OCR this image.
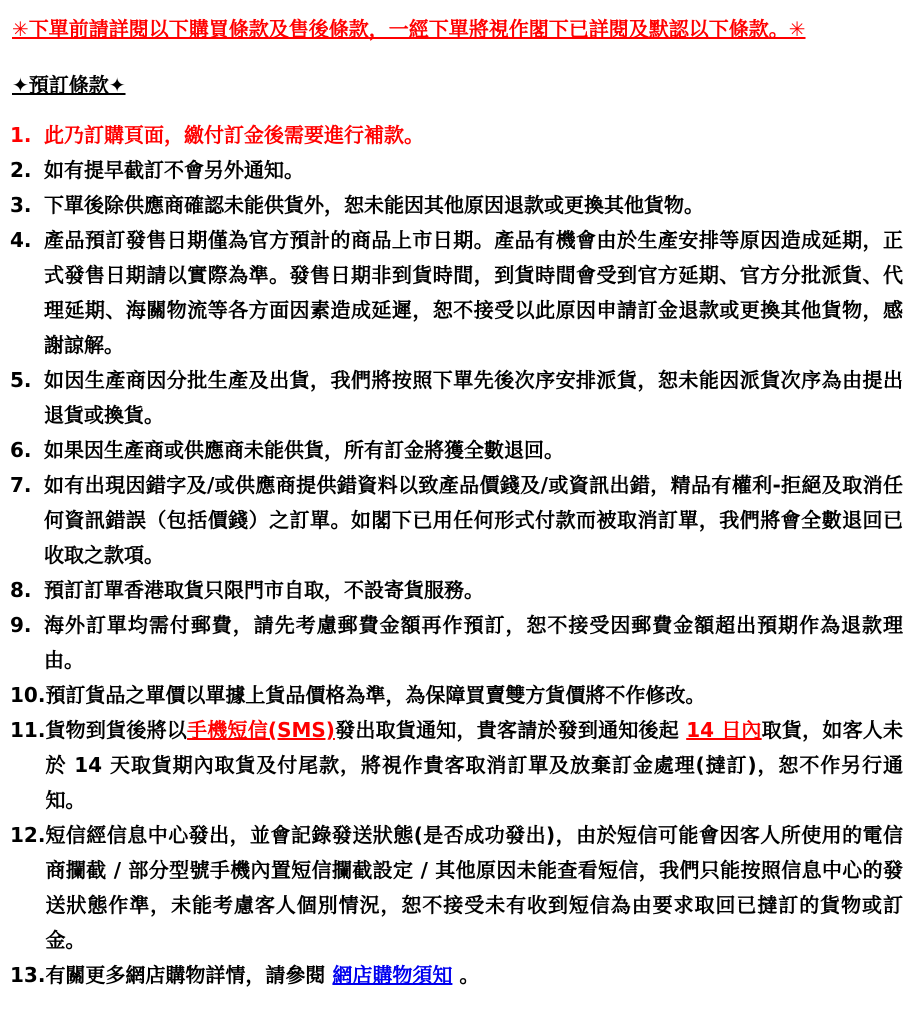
✳下單前請詳閱以下購買條款及售後條款，一經下單將視作閣下已詳閱及默認以下條款。✳
✦預訂條款✦
1. 此乃訂購頁面，繳付訂金後需要進行補款。
2. 如有提早截訂不會另外通知。
3. 下單後除供應商確認未能供貨外，恕未能因其他原因退款或更換其他貨物。
4. 產品預訂發售日期僅為官方預計的商品上市日期。產品有機會由於生產安排等原因造成延期，正式發售日期請以實際為準。發售日期非到貨時間，到貨時間會受到官方延期、官方分批派貨、代理延期、海關物流等各方面因素造成延遲，恕不接受以此原因申請訂金退款或更換其他貨物，感謝諒解。
5. 如因生產商因分批生產及出貨，我們將按照下單先後次序安排派貨，恕未能因派貨次序為由提出退貨或換貨。
6. 如果因生產商或供應商未能供貨，所有訂金將獲全數退回。
7. 如有出現因錯字及/或供應商提供錯資料以致產品價錢及/或資訊出錯，精品有權利-拒絕及取消任何資訊錯誤（包括價錢）之訂單。如閣下已用任何形式付款而被取消訂單，我們將會全數退回已收取之款項。
8. 預訂訂單香港取貨只限門市自取，不設寄貨服務。
9. 海外訂單均需付郵費，請先考慮郵費金額再作預訂，恕不接受因郵費金額超出預期作為退款理由。
10. 預訂貨品之單價以單據上貨品價格為準，為保障買賣雙方貨價將不作修改。
11. 貨物到貨後將以手機短信(SMS)發出取貨通知，貴客請於發到通知後起 14 日內取貨，如客人未於 14 天取貨期內取貨及付尾款，將視作貴客取消訂單及放棄訂金處理(撻訂)，恕不作另行通知。
12. 短信經信息中心發出，並會記錄發送狀態(是否成功發出)，由於短信可能會因客人所使用的電信商攔截 / 部分型號手機內置短信攔截設定 / 其他原因未能查看短信，我們只能按照信息中心的發送狀態作準，未能考慮客人個別情況，恕不接受未有收到短信為由要求取回已撻訂的貨物或訂金。
13. 有關更多網店購物詳情，請參閱 網店購物須知 。
